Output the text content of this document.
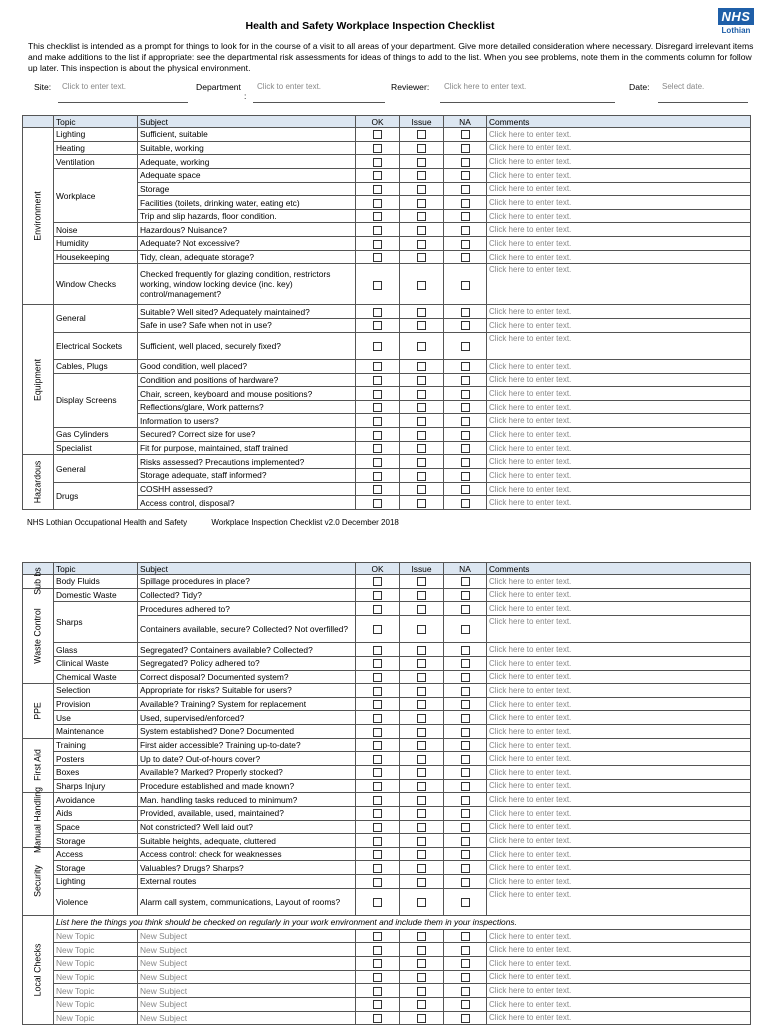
Health and Safety Workplace Inspection Checklist
NHS
Lothian
This checklist is intended as a prompt for things to look for in the course of a visit to all areas of your department. Give more detailed consideration where necessary. Disregard irrelevant items and make additions to the list if appropriate: see the departmental risk assessments for ideas of things to add to the list. When you see problems, note them in the comments column for follow up later. This inspection is about the physical environment.
Site: Click to enter text.	Department
:
Click to enter text.	Reviewer: Click here to enter text.	Date: Select date.
	Topic	Subject	OK	Issue	NA	Comments

Environment	Lighting	Sufficient, suitable				Click here to enter text.
	Heating	Suitable, working				Click here to enter text.
	Ventilation	Adequate, working				Click here to enter text.
	Workplace	Adequate space				Click here to enter text.
		Storage				Click here to enter text.
		Facilities (toilets, drinking water, eating etc)				Click here to enter text.
		Trip and slip hazards, floor condition.				Click here to enter text.
	Noise	Hazardous? Nuisance?				Click here to enter text.
	Humidity	Adequate? Not excessive?				Click here to enter text.
	Housekeeping	Tidy, clean, adequate storage?				Click here to enter text.
	Window Checks	Checked frequently for glazing condition, restrictors working, window locking device (inc. key) control/management?				Click here to enter text.

Equipment	General	Suitable? Well sited? Adequately maintained?				Click here to enter text.
		Safe in use? Safe when not in use?				Click here to enter text.
	Electrical Sockets	Sufficient, well placed, securely fixed?				Click here to enter text.
	Cables, Plugs	Good condition, well placed?				Click here to enter text.
	Display Screens	Condition and positions of hardware?				Click here to enter text.
		Chair, screen, keyboard and mouse positions?				Click here to enter text.
		Reflections/glare, Work patterns?				Click here to enter text.
		Information to users?				Click here to enter text.
	Gas Cylinders	Secured? Correct size for use?				Click here to enter text.
	Specialist	Fit for purpose, maintained, staff trained				Click here to enter text.

Hazardous	General	Risks assessed? Precautions implemented?				Click here to enter text.
		Storage adequate, staff informed?				Click here to enter text.
	Drugs	COSHH assessed?				Click here to enter text.
		Access control, disposal?				Click here to enter text.
NHS Lothian Occupational Health and Safety	Workplace Inspection Checklist v2.0 December 2018
	Topic	Subject	OK	Issue	NA	Comments

Sub bs	Body Fluids	Spillage procedures in place?				Click here to enter text.

Waste Control	Domestic Waste	Collected? Tidy?				Click here to enter text.
	Sharps	Procedures adhered to?				Click here to enter text.
		Containers available, secure? Collected? Not overfilled?				Click here to enter text.
	Glass	Segregated? Containers available? Collected?				Click here to enter text.
	Clinical Waste	Segregated? Policy adhered to?				Click here to enter text.
	Chemical Waste	Correct disposal? Documented system?				Click here to enter text.

PPE	Selection	Appropriate for risks? Suitable for users?				Click here to enter text.
	Provision	Available? Training? System for replacement				Click here to enter text.
	Use	Used, supervised/enforced?				Click here to enter text.
	Maintenance	System established? Done? Documented				Click here to enter text.

First Aid	Training	First aider accessible? Training up-to-date?				Click here to enter text.
	Posters	Up to date? Out-of-hours cover?				Click here to enter text.
	Boxes	Available? Marked? Properly stocked?				Click here to enter text.
	Sharps Injury	Procedure established and made known?				Click here to enter text.

Manual Handling	Avoidance	Man. handling tasks reduced to minimum?				Click here to enter text.
	Aids	Provided, available, used, maintained?				Click here to enter text.
	Space	Not constricted? Well laid out?				Click here to enter text.
	Storage	Suitable heights, adequate, cluttered				Click here to enter text.

Security	Access	Access control: check for weaknesses				Click here to enter text.
	Storage	Valuables? Drugs? Sharps?				Click here to enter text.
	Lighting	External routes				Click here to enter text.
	Violence	Alarm call system, communications, Layout of rooms?				Click here to enter text.

Local Checks	List here the things you think should be checked on regularly in your work environment and include them in your inspections.					
	New Topic	New Subject				Click here to enter text.
	New Topic	New Subject				Click here to enter text.
	New Topic	New Subject				Click here to enter text.
	New Topic	New Subject				Click here to enter text.
	New Topic	New Subject				Click here to enter text.
	New Topic	New Subject				Click here to enter text.
	New Topic	New Subject				Click here to enter text.
